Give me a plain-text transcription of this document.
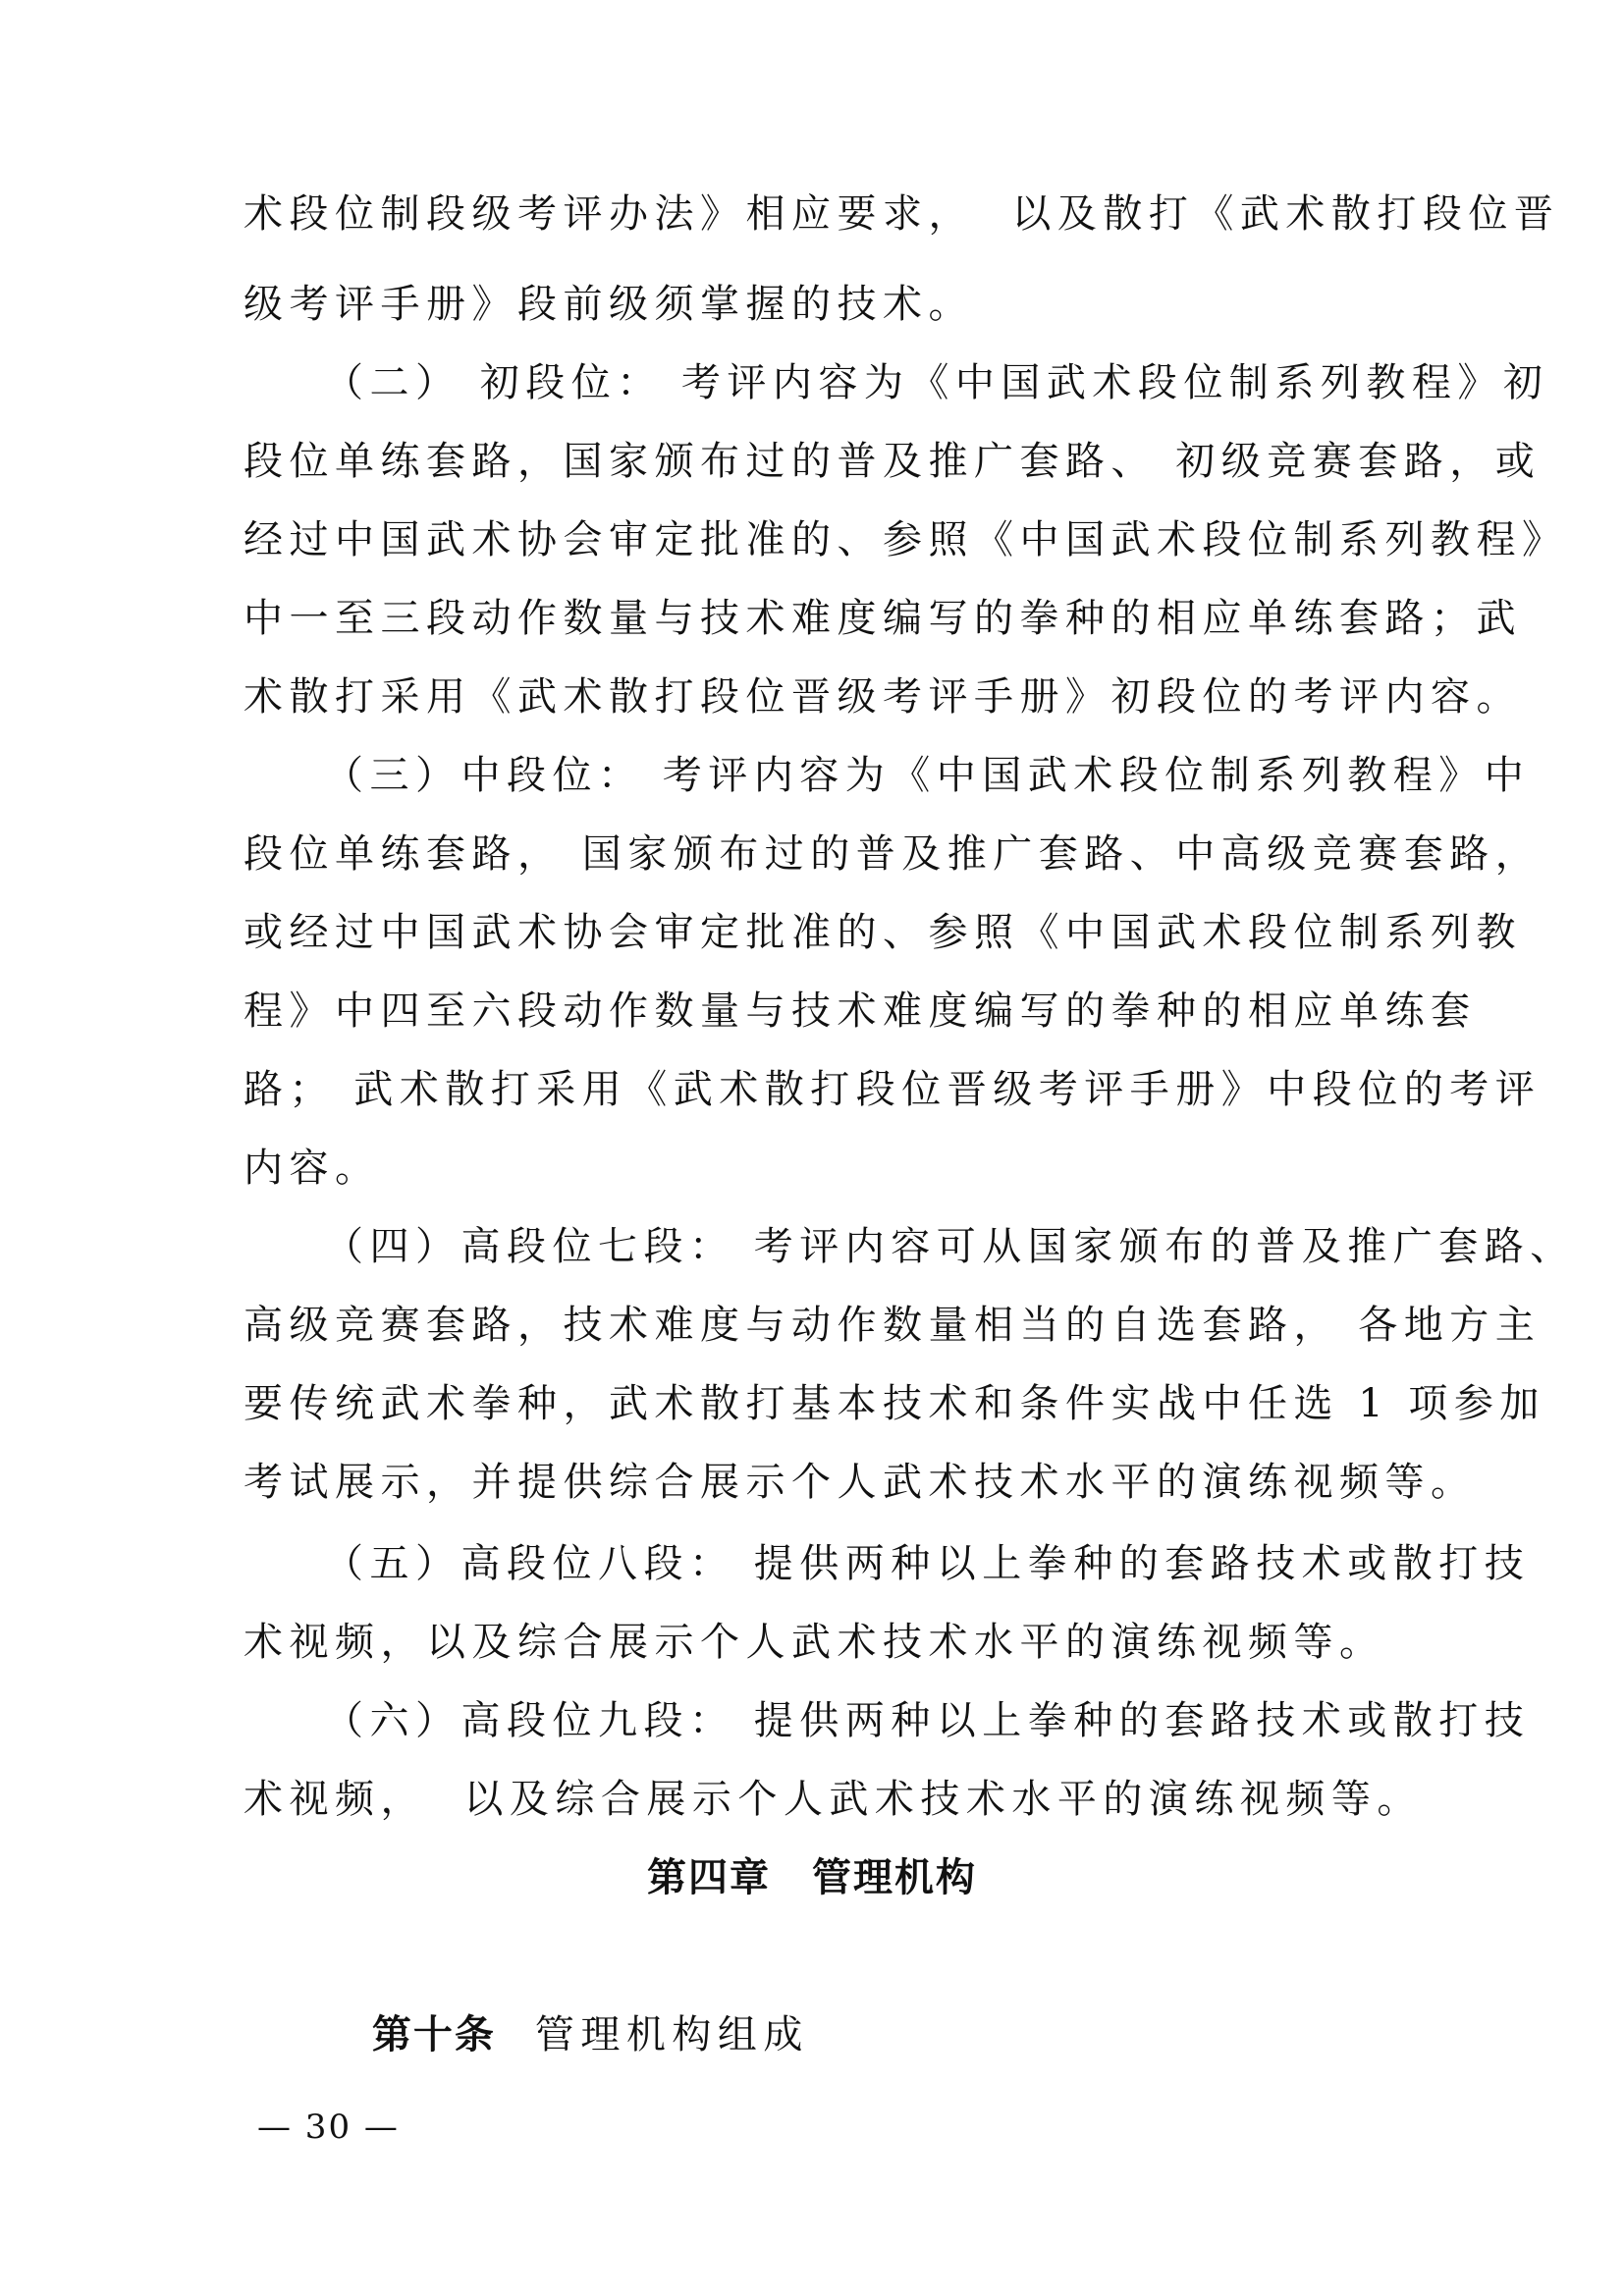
术段位制段级考评办法》相应要求，  以及散打《武术散打段位晋
级考评手册》段前级须掌握的技术。
（二） 初段位： 考评内容为《中国武术段位制系列教程》初
段位单练套路，国家颁布过的普及推广套路、 初级竞赛套路，或
经过中国武术协会审定批准的、参照《中国武术段位制系列教程》
中一至三段动作数量与技术难度编写的拳种的相应单练套路；武
术散打采用《武术散打段位晋级考评手册》初段位的考评内容。
（三）中段位： 考评内容为《中国武术段位制系列教程》中
段位单练套路， 国家颁布过的普及推广套路、中高级竞赛套路，
或经过中国武术协会审定批准的、参照《中国武术段位制系列教
程》中四至六段动作数量与技术难度编写的拳种的相应单练套
路； 武术散打采用《武术散打段位晋级考评手册》中段位的考评
内容。
（四）高段位七段： 考评内容可从国家颁布的普及推广套路、
高级竞赛套路，技术难度与动作数量相当的自选套路， 各地方主
要传统武术拳种，武术散打基本技术和条件实战中任选 1 项参加
考试展示，并提供综合展示个人武术技术水平的演练视频等。
（五）高段位八段： 提供两种以上拳种的套路技术或散打技
术视频，以及综合展示个人武术技术水平的演练视频等。
（六）高段位九段： 提供两种以上拳种的套路技术或散打技
术视频，  以及综合展示个人武术技术水平的演练视频等。
第四章　管理机构

第十条 管理机构组成

— 30 —
